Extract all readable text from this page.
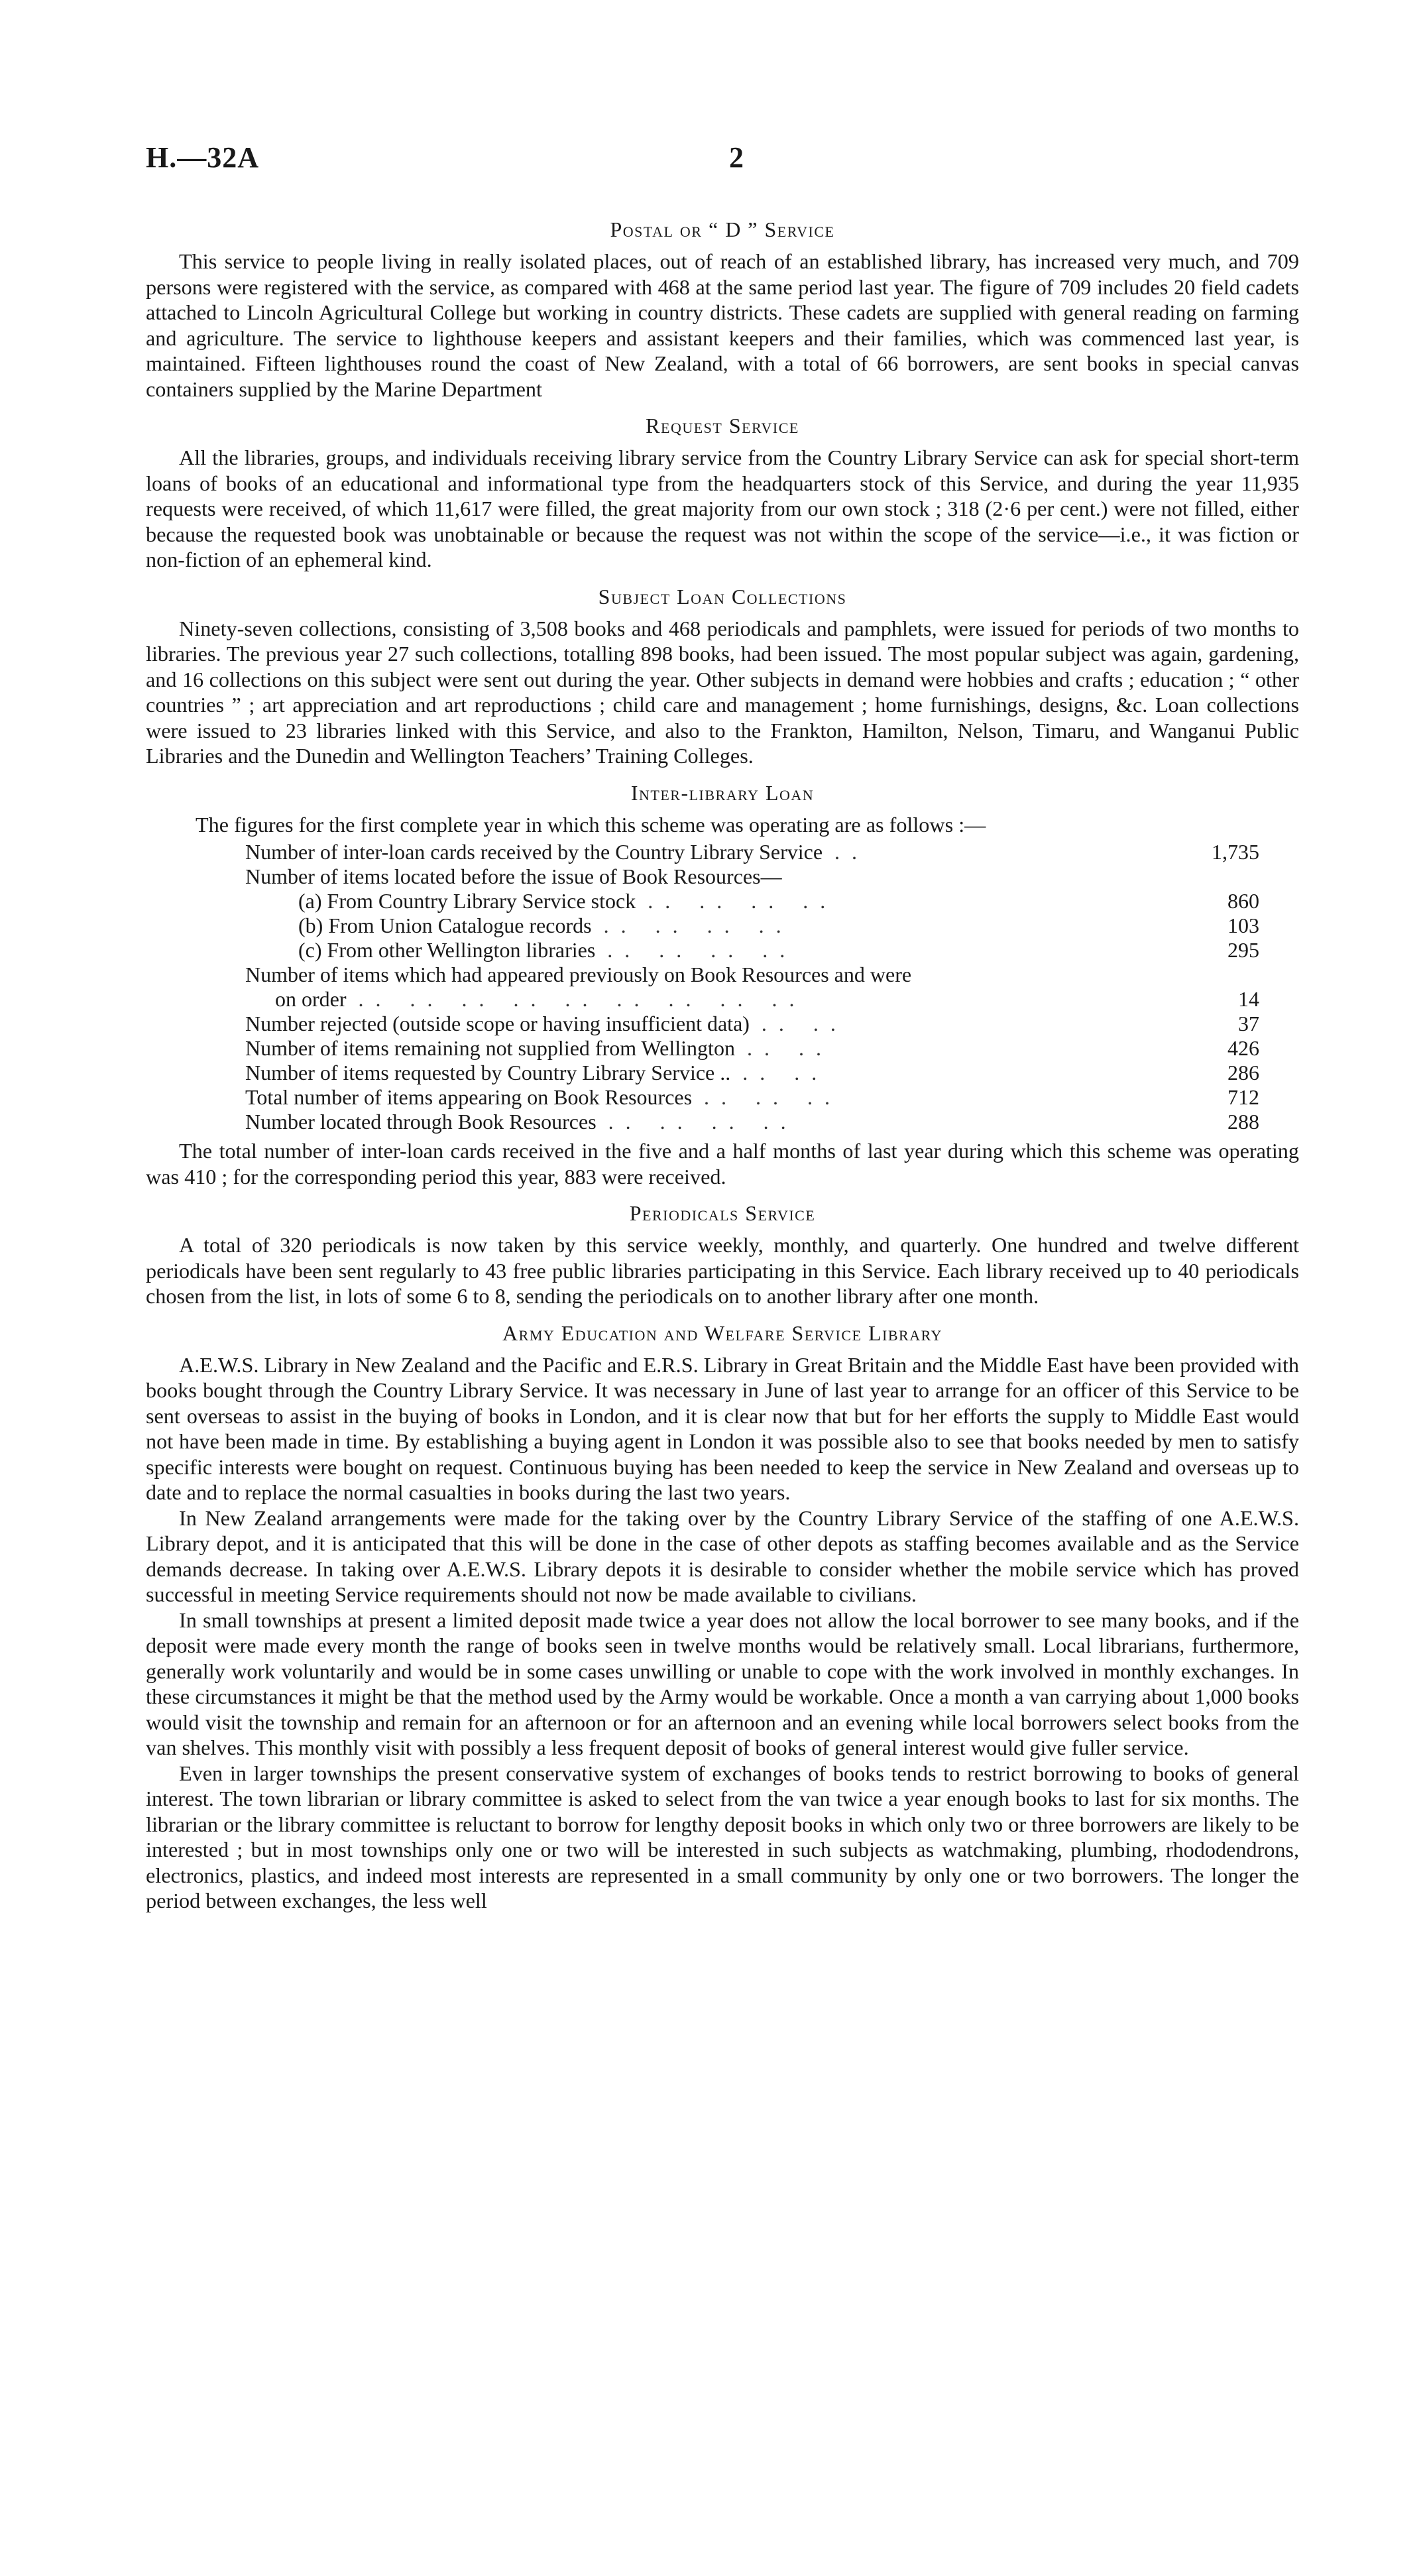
H.—32A	2
Postal or “ D ” Service

This service to people living in really isolated places, out of reach of an established library, has increased very much, and 709 persons were registered with the service, as compared with 468 at the same period last year. The figure of 709 includes 20 field cadets attached to Lincoln Agricultural College but working in country districts. These cadets are supplied with general reading on farming and agriculture. The service to lighthouse keepers and assistant keepers and their families, which was commenced last year, is maintained. Fifteen lighthouses round the coast of New Zealand, with a total of 66 borrowers, are sent books in special canvas containers supplied by the Marine Department

Request Service

All the libraries, groups, and individuals receiving library service from the Country Library Service can ask for special short-term loans of books of an educational and informational type from the headquarters stock of this Service, and during the year 11,935 requests were received, of which 11,617 were filled, the great majority from our own stock ; 318 (2·6 per cent.) were not filled, either because the requested book was unobtainable or because the request was not within the scope of the service—i.e., it was fiction or non-fiction of an ephemeral kind.

Subject Loan Collections

Ninety-seven collections, consisting of 3,508 books and 468 periodicals and pamphlets, were issued for periods of two months to libraries. The previous year 27 such collections, totalling 898 books, had been issued. The most popular subject was again, gardening, and 16 collections on this subject were sent out during the year. Other subjects in demand were hobbies and crafts ; education ; “ other countries ” ; art appreciation and art reproductions ; child care and management ; home furnishings, designs, &c. Loan collections were issued to 23 libraries linked with this Service, and also to the Frankton, Hamilton, Nelson, Timaru, and Wanganui Public Libraries and the Dunedin and Wellington Teachers’ Training Colleges.

Inter-library Loan

The figures for the first complete year in which this scheme was operating are as follows :—

Number of inter-loan cards received by the Country Library Service ..	1,735
Number of items located before the issue of Book Resources—
(a) From Country Library Service stock .. .. .. ..	860
(b) From Union Catalogue records .. .. .. ..	103
(c) From other Wellington libraries .. .. .. ..	295
Number of items which had appeared previously on Book Resources and were
on order .. .. .. .. .. .. .. .. ..	14
Number rejected (outside scope or having insufficient data) .. ..	37
Number of items remaining not supplied from Wellington .. ..	426
Number of items requested by Country Library Service .. .. ..	286
Total number of items appearing on Book Resources .. .. ..	712
Number located through Book Resources .. .. .. ..	288

The total number of inter-loan cards received in the five and a half months of last year during which this scheme was operating was 410 ; for the corresponding period this year, 883 were received.

Periodicals Service

A total of 320 periodicals is now taken by this service weekly, monthly, and quarterly. One hundred and twelve different periodicals have been sent regularly to 43 free public libraries participating in this Service. Each library received up to 40 periodicals chosen from the list, in lots of some 6 to 8, sending the periodicals on to another library after one month.

Army Education and Welfare Service Library

A.E.W.S. Library in New Zealand and the Pacific and E.R.S. Library in Great Britain and the Middle East have been provided with books bought through the Country Library Service. It was necessary in June of last year to arrange for an officer of this Service to be sent overseas to assist in the buying of books in London, and it is clear now that but for her efforts the supply to Middle East would not have been made in time. By establishing a buying agent in London it was possible also to see that books needed by men to satisfy specific interests were bought on request. Continuous buying has been needed to keep the service in New Zealand and overseas up to date and to replace the normal casualties in books during the last two years.

In New Zealand arrangements were made for the taking over by the Country Library Service of the staffing of one A.E.W.S. Library depot, and it is anticipated that this will be done in the case of other depots as staffing becomes available and as the Service demands decrease. In taking over A.E.W.S. Library depots it is desirable to consider whether the mobile service which has proved successful in meeting Service requirements should not now be made available to civilians.

In small townships at present a limited deposit made twice a year does not allow the local borrower to see many books, and if the deposit were made every month the range of books seen in twelve months would be relatively small. Local librarians, furthermore, generally work voluntarily and would be in some cases unwilling or unable to cope with the work involved in monthly exchanges. In these circumstances it might be that the method used by the Army would be workable. Once a month a van carrying about 1,000 books would visit the township and remain for an afternoon or for an afternoon and an evening while local borrowers select books from the van shelves. This monthly visit with possibly a less frequent deposit of books of general interest would give fuller service.

Even in larger townships the present conservative system of exchanges of books tends to restrict borrowing to books of general interest. The town librarian or library committee is asked to select from the van twice a year enough books to last for six months. The librarian or the library committee is reluctant to borrow for lengthy deposit books in which only two or three borrowers are likely to be interested ; but in most townships only one or two will be interested in such subjects as watchmaking, plumbing, rhododendrons, electronics, plastics, and indeed most interests are represented in a small community by only one or two borrowers. The longer the period between exchanges, the less well
